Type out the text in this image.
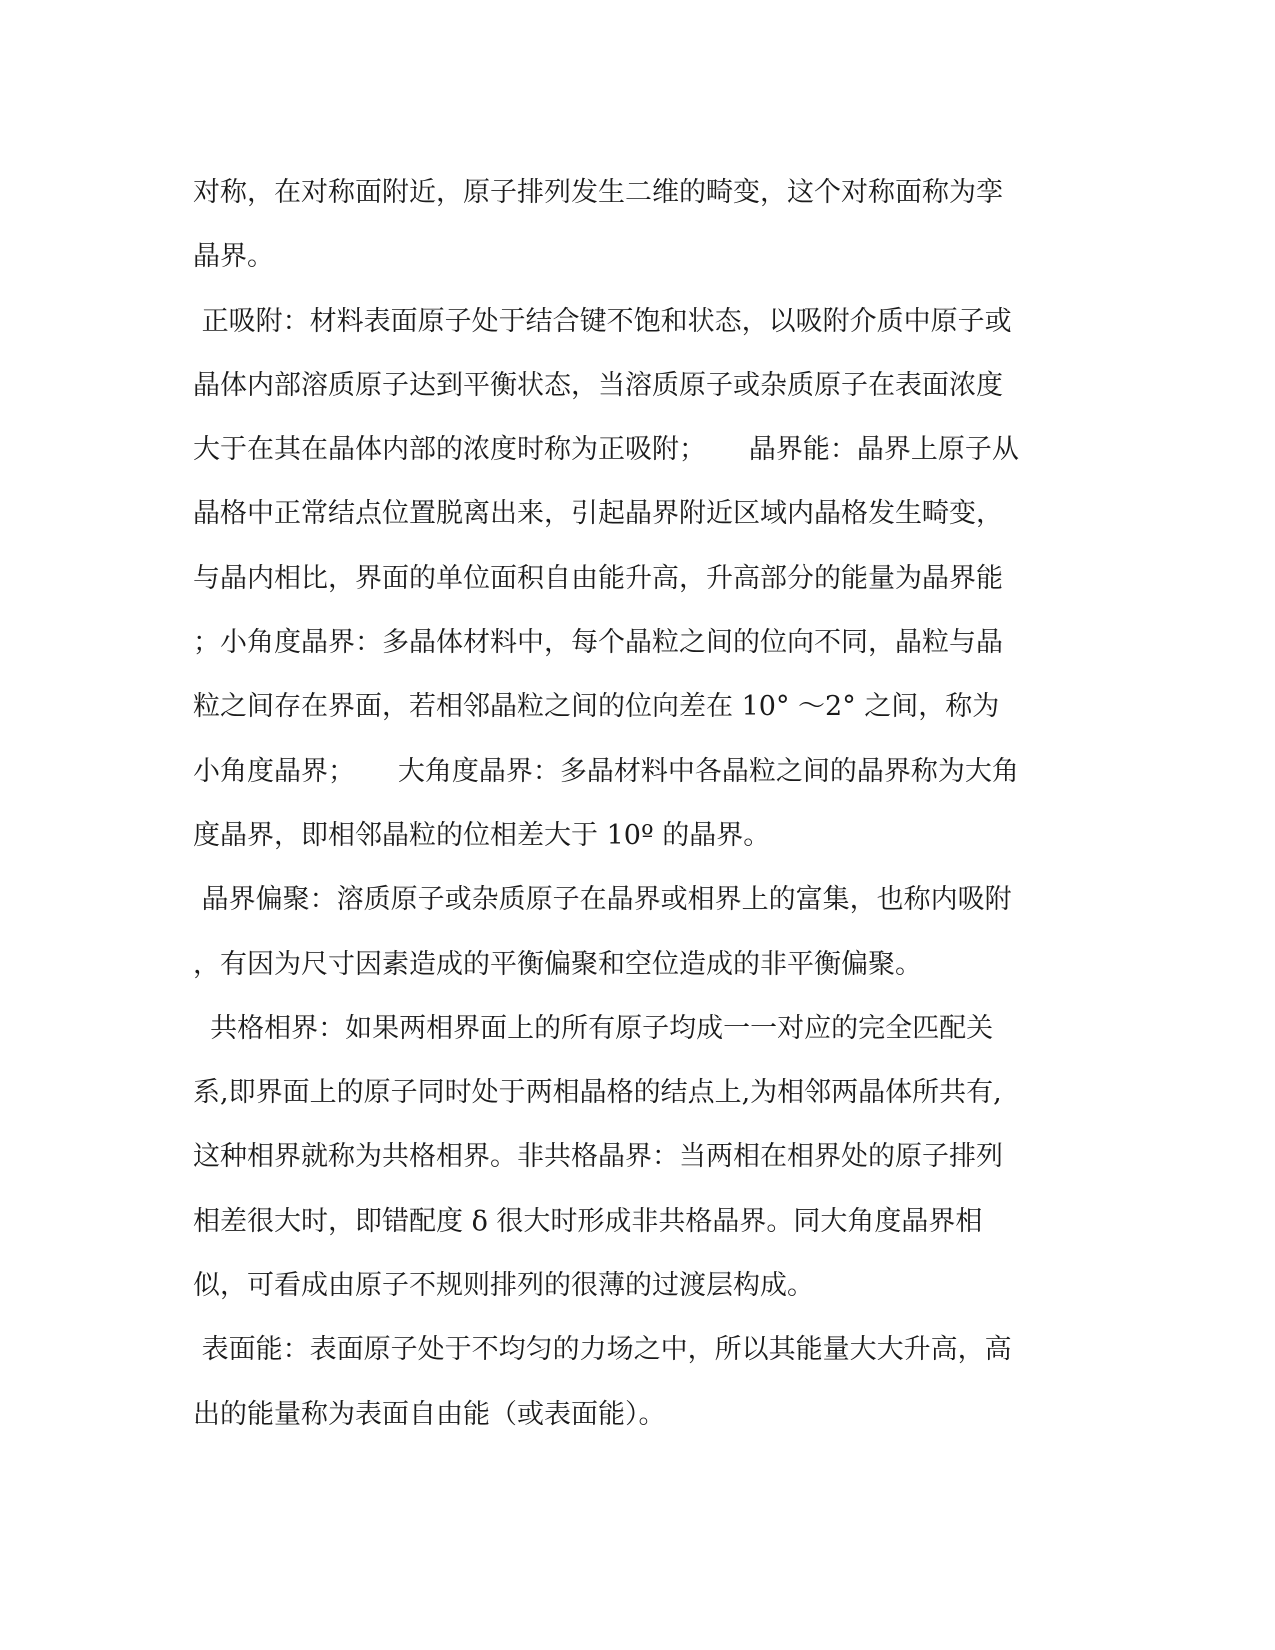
对称，在对称面附近，原子排列发生二维的畸变，这个对称面称为孪
晶界。
正吸附：材料表面原子处于结合键不饱和状态，以吸附介质中原子或
晶体内部溶质原子达到平衡状态，当溶质原子或杂质原子在表面浓度
大于在其在晶体内部的浓度时称为正吸附；     晶界能：晶界上原子从
晶格中正常结点位置脱离出来，引起晶界附近区域内晶格发生畸变，
与晶内相比，界面的单位面积自由能升高，升高部分的能量为晶界能
；小角度晶界：多晶体材料中，每个晶粒之间的位向不同，晶粒与晶
粒之间存在界面，若相邻晶粒之间的位向差在 10° ～2° 之间，称为
小角度晶界；     大角度晶界：多晶材料中各晶粒之间的晶界称为大角
度晶界，即相邻晶粒的位相差大于 10º 的晶界。
晶界偏聚：溶质原子或杂质原子在晶界或相界上的富集，也称内吸附
，有因为尺寸因素造成的平衡偏聚和空位造成的非平衡偏聚。
共格相界：如果两相界面上的所有原子均成一一对应的完全匹配关
系,即界面上的原子同时处于两相晶格的结点上,为相邻两晶体所共有,
这种相界就称为共格相界。非共格晶界：当两相在相界处的原子排列
相差很大时，即错配度 δ 很大时形成非共格晶界。同大角度晶界相
似，可看成由原子不规则排列的很薄的过渡层构成。
表面能：表面原子处于不均匀的力场之中，所以其能量大大升高，高
出的能量称为表面自由能（或表面能）。
